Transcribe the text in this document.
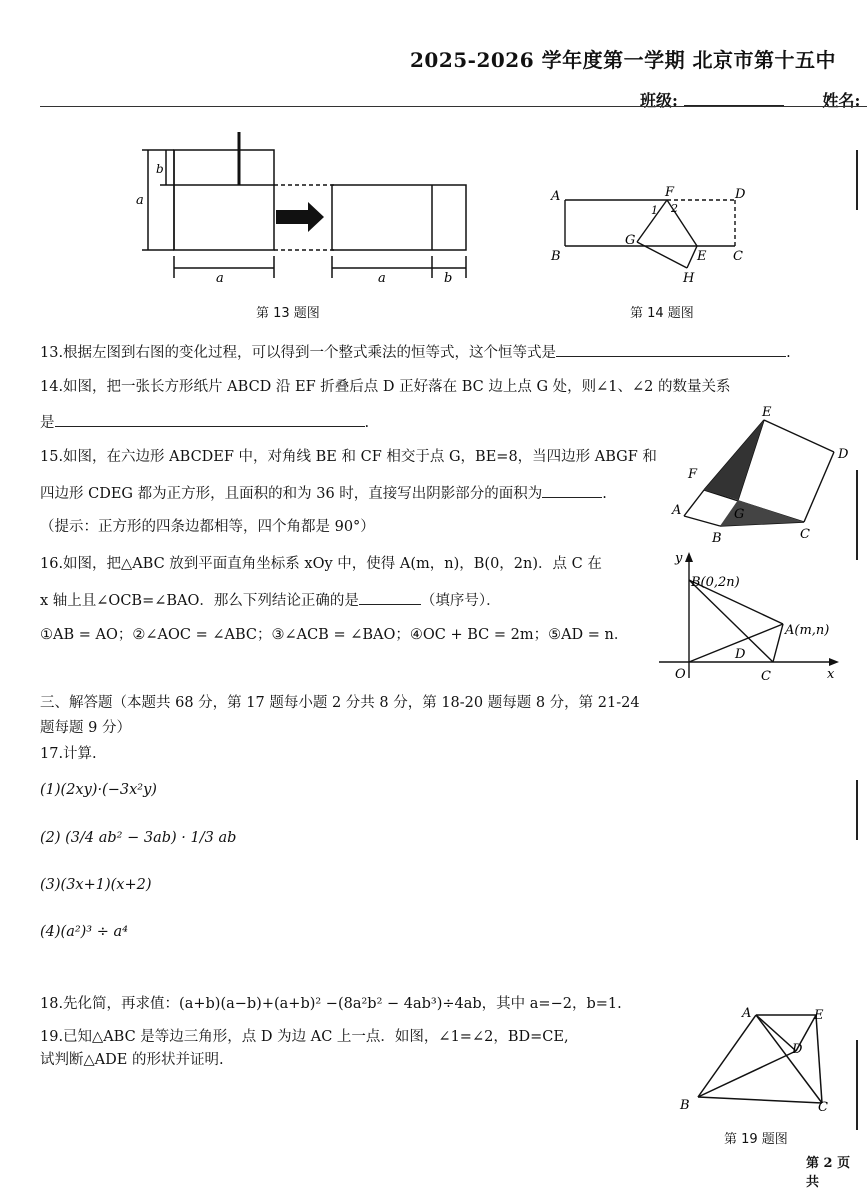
2025-2026 学年度第一学期 北京市第十五中
班级:	姓名:
a
b
a	a	b
第 13 题图
A
B	C
D
E
F
G
H
1 2
第 14 题图
13.根据左图到右图的变化过程，可以得到一个整式乘法的恒等式，这个恒等式是	.
14.如图，把一张长方形纸片 ABCD 沿 EF 折叠后点 D 正好落在 BC 边上点 G 处，则∠1、∠2 的数量关系
是	.
E
D
F
A	G
B	C
15.如图，在六边形 ABCDEF 中，对角线 BE 和 CF 相交于点 G，BE=8，当四边形 ABGF 和
四边形 CDEG 都为正方形，且面积的和为 36 时，直接写出阴影部分的面积为	.
（提示：正方形的四条边都相等，四个角都是 90°）
y
x
O
B(0,2n)
A(m,n)
C
D
16.如图，把△ABC 放到平面直角坐标系 xOy 中，使得 A(m，n)，B(0，2n)．点 C 在
x 轴上且∠OCB=∠BAO．那么下列结论正确的是	（填序号）．
①AB = AO；②∠AOC = ∠ABC；③∠ACB = ∠BAO；④OC + BC = 2m；⑤AD = n．
三、解答题（本题共 68 分，第 17 题每小题 2 分共 8 分，第 18-20 题每题 8 分，第 21-24
题每题 9 分）
17.计算.
(1)(2xy)·(−3x²y)
(2) (3/4 ab² − 3ab) · 1/3 ab
(3)(3x+1)(x+2)
(4)(a²)³ ÷ a⁴
18.先化简，再求值：(a+b)(a−b)+(a+b)² −(8a²b² − 4ab³)÷4ab，其中 a=−2，b=1.
19.已知△ABC 是等边三角形，点 D 为边 AC 上一点．如图，∠1=∠2，BD=CE,
试判断△ADE 的形状并证明.
A	E
D
B	C
第 19 题图
第 2 页 共
